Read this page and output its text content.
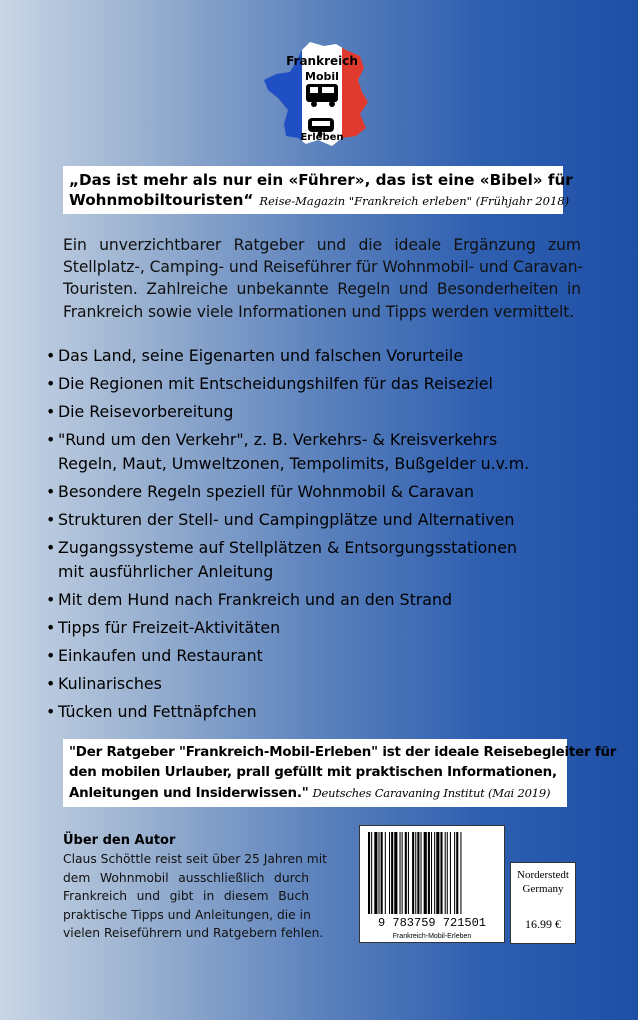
Frankreich
Mobil
Erleben
„Das ist mehr als nur ein «Führer», das ist eine «Bibel» für
Wohnmobiltouristen“ Reise-Magazin "Frankreich erleben" (Frühjahr 2018)
Ein unverzichtbarer Ratgeber und die ideale Ergänzung zum
Stellplatz-, Camping- und Reiseführer für Wohnmobil- und Caravan-
Touristen. Zahlreiche unbekannte Regeln und Besonderheiten in
Frankreich sowie viele Informationen und Tipps werden vermittelt.
• Das Land, seine Eigenarten und falschen Vorurteile
• Die Regionen mit Entscheidungshilfen für das Reiseziel
• Die Reisevorbereitung
• "Rund um den Verkehr", z. B. Verkehrs- & Kreisverkehrs
Regeln, Maut, Umweltzonen, Tempolimits, Bußgelder u.v.m.
• Besondere Regeln speziell für Wohnmobil & Caravan
• Strukturen der Stell- und Campingplätze und Alternativen
• Zugangssysteme auf Stellplätzen & Entsorgungsstationen
mit ausführlicher Anleitung
• Mit dem Hund nach Frankreich und an den Strand
• Tipps für Freizeit-Aktivitäten
• Einkaufen und Restaurant
• Kulinarisches
• Tücken und Fettnäpfchen
"Der Ratgeber "Frankreich-Mobil-Erleben" ist der ideale Reisebegleiter für
den mobilen Urlauber, prall gefüllt mit praktischen Informationen,
Anleitungen und Insiderwissen." Deutsches Caravaning Institut (Mai 2019)
Über den Autor
Claus Schöttle reist seit über 25 Jahren mit
dem Wohnmobil ausschließlich durch
Frankreich und gibt in diesem Buch
praktische Tipps und Anleitungen, die in
vielen Reiseführern und Ratgebern fehlen.
9 783759 721501
Frankreich-Mobil-Erleben
Norderstedt
Germany
16.99 €
